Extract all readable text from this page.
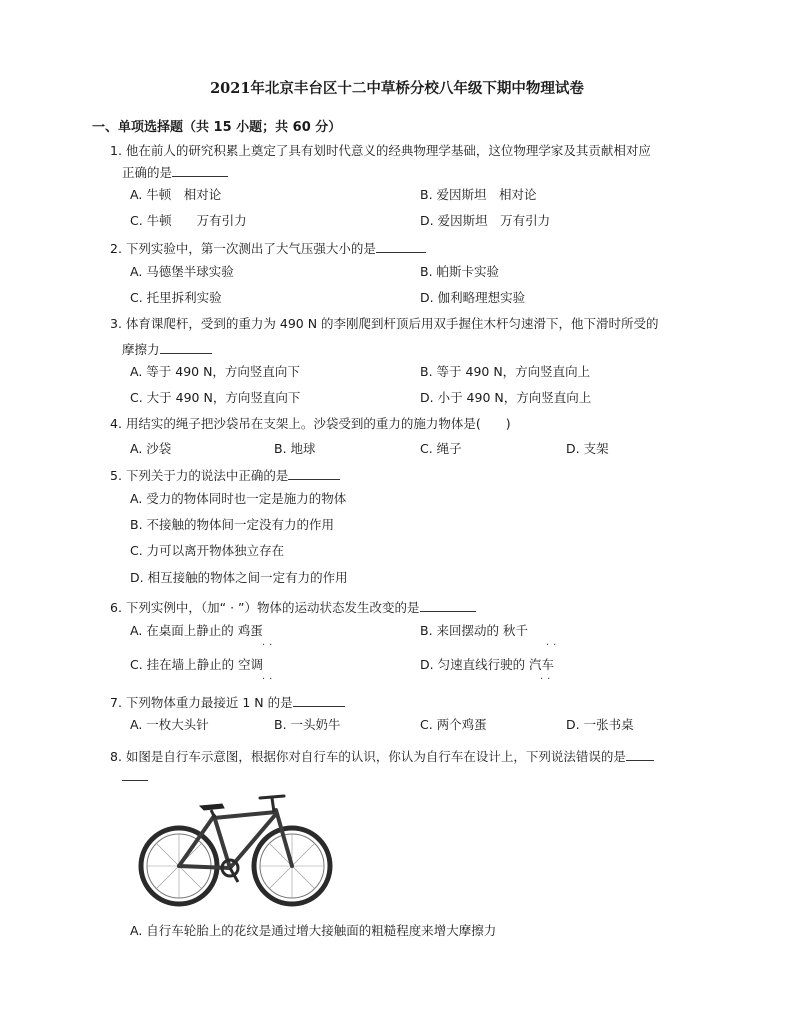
2021年北京丰台区十二中草桥分校八年级下期中物理试卷
一、单项选择题（共 15 小题；共 60 分）
1. 他在前人的研究积累上奠定了具有划时代意义的经典物理学基础，这位物理学家及其贡献相对应
正确的是
A. 牛顿　相对论	B. 爱因斯坦　相对论
C. 牛顿　　万有引力	D. 爱因斯坦　万有引力
2. 下列实验中，第一次测出了大气压强大小的是
A. 马德堡半球实验	B. 帕斯卡实验
C. 托里拆利实验	D. 伽利略理想实验
3. 体育课爬杆，受到的重力为 490 N 的李刚爬到杆顶后用双手握住木杆匀速滑下，他下滑时所受的
摩擦力
A. 等于 490 N，方向竖直向下	B. 等于 490 N，方向竖直向上
C. 大于 490 N，方向竖直向下	D. 小于 490 N，方向竖直向上
4. 用结实的绳子把沙袋吊在支架上。沙袋受到的重力的施力物体是(　　)
A. 沙袋	B. 地球	C. 绳子	D. 支架
5. 下列关于力的说法中正确的是
A. 受力的物体同时也一定是施力的物体
B. 不接触的物体间一定没有力的作用
C. 力可以离开物体独立存在
D. 相互接触的物体之间一定有力的作用
6. 下列实例中，（加“ · ”）物体的运动状态发生改变的是
A. 在桌面上静止的 鸡蛋	B. 来回摆动的 秋千
··	··
C. 挂在墙上静止的 空调	D. 匀速直线行驶的 汽车
··	··
7. 下列物体重力最接近 1 N 的是
A. 一枚大头针	B. 一头奶牛	C. 两个鸡蛋	D. 一张书桌
8. 如图是自行车示意图，根据你对自行车的认识，你认为自行车在设计上，下列说法错误的是
A. 自行车轮胎上的花纹是通过增大接触面的粗糙程度来增大摩擦力
